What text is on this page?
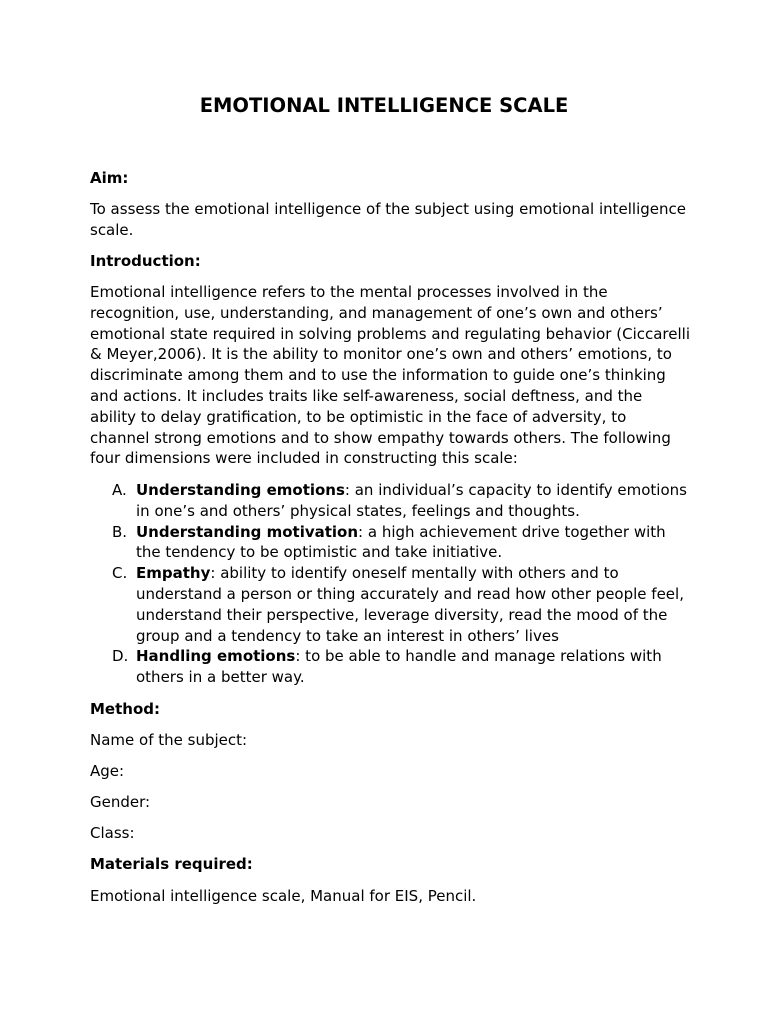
EMOTIONAL INTELLIGENCE SCALE

Aim:

To assess the emotional intelligence of the subject using emotional intelligence scale.

Introduction:

Emotional intelligence refers to the mental processes involved in the recognition, use, understanding, and management of one’s own and others’ emotional state required in solving problems and regulating behavior (Ciccarelli & Meyer,2006). It is the ability to monitor one’s own and others’ emotions, to discriminate among them and to use the information to guide one’s thinking and actions. It includes traits like self-awareness, social deftness, and the ability to delay gratification, to be optimistic in the face of adversity, to channel strong emotions and to show empathy towards others. The following four dimensions were included in constructing this scale:

A. Understanding emotions: an individual’s capacity to identify emotions in one’s and others’ physical states, feelings and thoughts.
B. Understanding motivation: a high achievement drive together with the tendency to be optimistic and take initiative.
C. Empathy: ability to identify oneself mentally with others and to understand a person or thing accurately and read how other people feel, understand their perspective, leverage diversity, read the mood of the group and a tendency to take an interest in others’ lives
D. Handling emotions: to be able to handle and manage relations with others in a better way.

Method:

Name of the subject:

Age:

Gender:

Class:

Materials required:

Emotional intelligence scale, Manual for EIS, Pencil.
